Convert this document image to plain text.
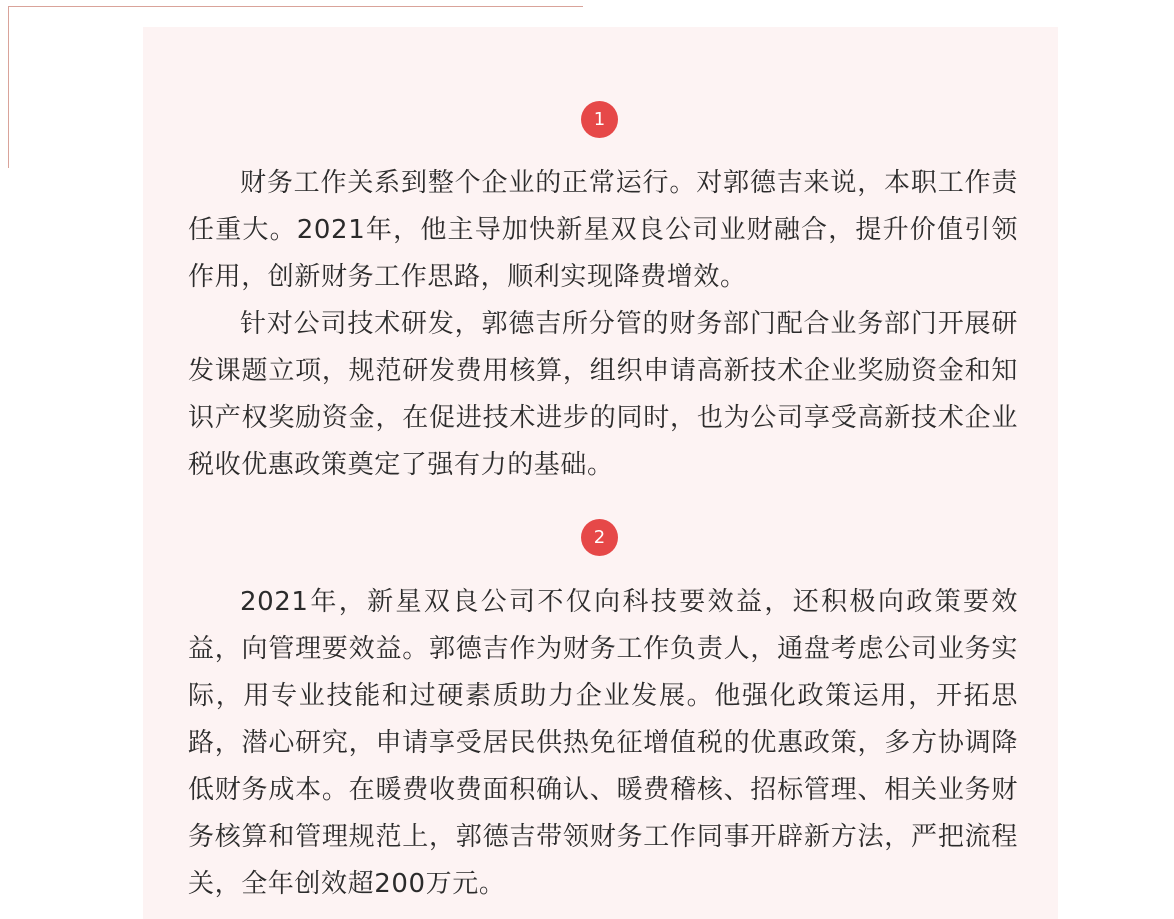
1

财务工作关系到整个企业的正常运行。对郭德吉来说，本职工作责任重大。2021年，他主导加快新星双良公司业财融合，提升价值引领作用，创新财务工作思路，顺利实现降费增效。

针对公司技术研发，郭德吉所分管的财务部门配合业务部门开展研发课题立项，规范研发费用核算，组织申请高新技术企业奖励资金和知识产权奖励资金，在促进技术进步的同时，也为公司享受高新技术企业税收优惠政策奠定了强有力的基础。

2

2021年，新星双良公司不仅向科技要效益，还积极向政策要效益，向管理要效益。郭德吉作为财务工作负责人，通盘考虑公司业务实际，用专业技能和过硬素质助力企业发展。他强化政策运用，开拓思路，潜心研究，申请享受居民供热免征增值税的优惠政策，多方协调降低财务成本。在暖费收费面积确认、暖费稽核、招标管理、相关业务财务核算和管理规范上，郭德吉带领财务工作同事开辟新方法，严把流程关，全年创效超200万元。
